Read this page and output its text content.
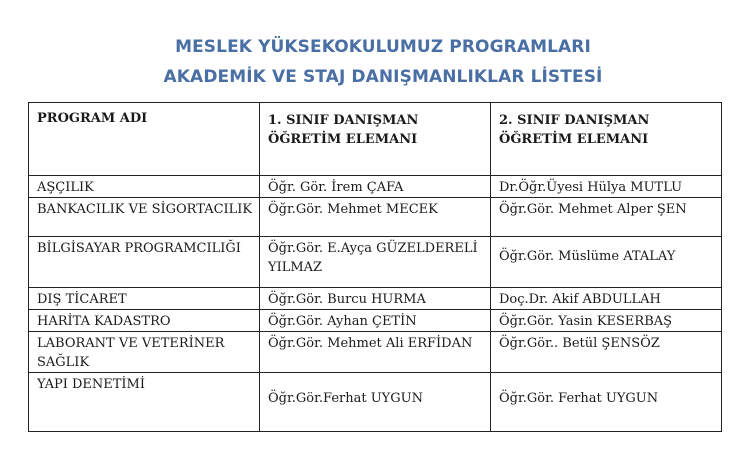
MESLEK YÜKSEKOKULUMUZ PROGRAMLARI
AKADEMİK VE STAJ DANIŞMANLIKLAR LİSTESİ
PROGRAM ADI	1. SINIF DANIŞMAN ÖĞRETİM ELEMANI	2. SINIF DANIŞMAN ÖĞRETİM ELEMANI
AŞÇILIK	Öğr. Gör. İrem ÇAFA	Dr.Öğr.Üyesi Hülya MUTLU
BANKACILIK VE SİGORTACILIK	Öğr.Gör. Mehmet MECEK	Öğr.Gör. Mehmet Alper ŞEN
BİLGİSAYAR PROGRAMCILIĞI	Öğr.Gör. E.Ayça GÜZELDERELİ YILMAZ	Öğr.Gör. Müslüme ATALAY
DIŞ TİCARET	Öğr.Gör. Burcu HURMA	Doç.Dr. Akif ABDULLAH
HARİTA KADASTRO	Öğr.Gör. Ayhan ÇETİN	Öğr.Gör. Yasin KESERBAŞ
LABORANT VE VETERİNER SAĞLIK	Öğr.Gör. Mehmet Ali ERFİDAN	Öğr.Gör.. Betül ŞENSÖZ
YAPI DENETİMİ	Öğr.Gör.Ferhat UYGUN	Öğr.Gör. Ferhat UYGUN
